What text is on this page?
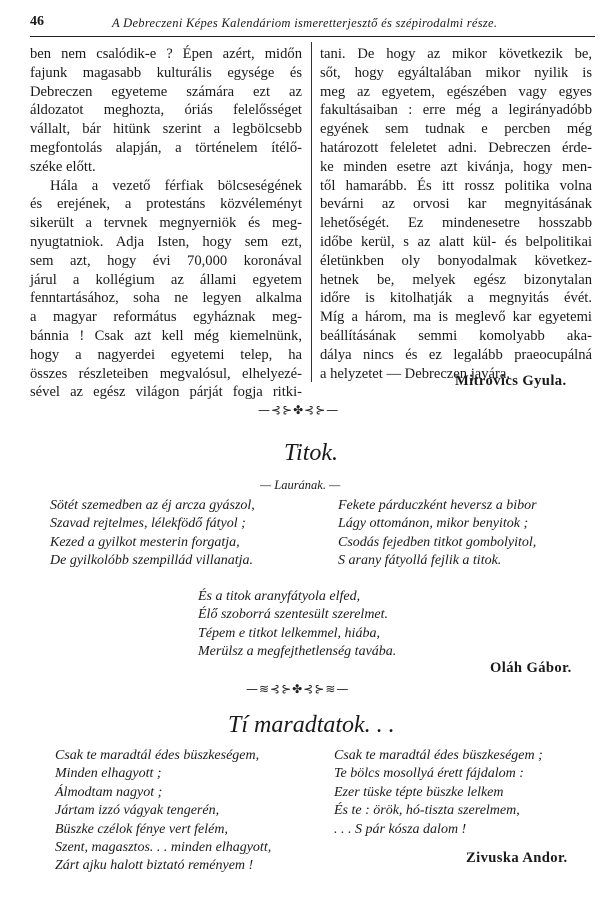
46	A Debreczeni Képes Kalendáriom ismeretterjesztő és szépirodalmi része.

ben nem csalódik-e ? Épen azért, midőn
fajunk magasabb kulturális egysége és
Debreczen egyeteme számára ezt az
áldozatot meghozta, óriás felelősséget
vállalt, bár hitünk szerint a legbölcsebb
megfontolás alapján, a történelem ítélő-
széke előtt.

Hála a vezető férfiak bölcseségének
és erejének, a protestáns közvéleményt
sikerült a tervnek megnyerniök és meg-
nyugtatniok. Adja Isten, hogy sem ezt,
sem azt, hogy évi 70,000 koronával
járul a kollégium az állami egyetem
fenntartásához, soha ne legyen alkalma
a magyar református egyháznak meg-
bánnia ! Csak azt kell még kiemelnünk,
hogy a nagyerdei egyetemi telep, ha
összes részleteiben megvalósul, elhelyezé-
sével az egész világon párját fogja ritki-

tani. De hogy az mikor következik be,
sőt, hogy egyáltalában mikor nyilik is
meg az egyetem, egészében vagy egyes
fakultásaiban : erre még a legirányadóbb
egyének sem tudnak e percben még
határozott feleletet adni. Debreczen érde-
ke minden esetre azt kivánja, hogy men-
től hamarább. És itt rossz politika volna
bevárni az orvosi kar megnyitásának
lehetőségét. Ez mindenesetre hosszabb
időbe kerül, s az alatt kül- és belpolitikai
életünkben oly bonyodalmak következ-
hetnek be, melyek egész bizonytalan
időre is kitolhatják a megnyitás évét.
Míg a három, ma is meglevő kar egyetemi
beállításának semmi komolyabb aka-
dálya nincs és ez legalább praeocupálná
a helyzetet — Debreczen javára.

Mitrovics Gyula.
—⊰⊱✤⊰⊱—
Titok.
— Laurának. —
Sötét szemedben az éj arcza gyászol,
Szavad rejtelmes, lélekfödő fátyol ;
Kezed a gyilkot mesterin forgatja,
De gyilkolóbb szempillád villanatja.
Fekete párduczként heversz a bibor
Lágy ottománon, mikor benyitok ;
Csodás fejedben titkot gombolyitol,
S arany fátyollá fejlik a titok.
És a titok aranyfátyola elfed,
Élő szoborrá szentesült szerelmet.
Tépem e titkot lelkemmel, hiába,
Merülsz a megfejthetlenség tavába.
Oláh Gábor.
—≋⊰⊱✤⊰⊱≋—
Tí maradtatok. . .
Csak te maradtál édes büszkeségem,
Minden elhagyott ;
Álmodtam nagyot ;
Jártam izzó vágyak tengerén,
Büszke czélok fénye vert felém,
Szent, magasztos. . . minden elhagyott,
Zárt ajku halott biztató reményem !
Csak te maradtál édes büszkeségem ;
Te bölcs mosollyá érett fájdalom :
Ezer tüske tépte büszke lelkem
És te : örök, hó-tiszta szerelmem,
. . . S pár kósza dalom !
Zivuska Andor.
